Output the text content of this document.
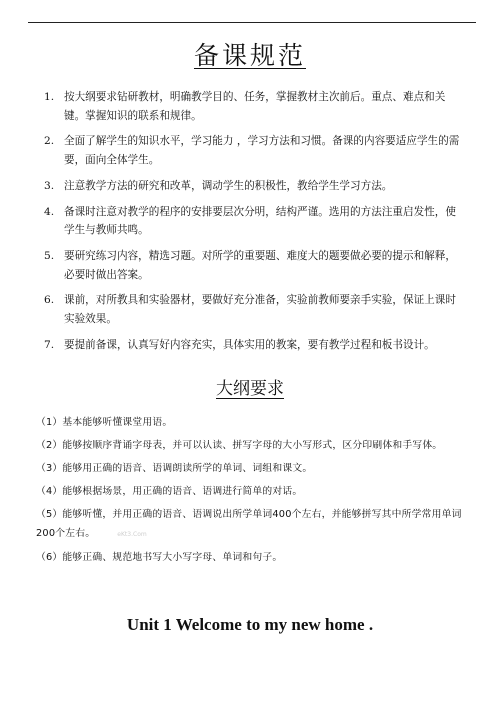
备课规范
1. 按大纲要求钻研教材，明确教学目的、任务，掌握教材主次前后。重点、难点和关键。掌握知识的联系和规律。
2. 全面了解学生的知识水平，学习能力 ，学习方法和习惯。备课的内容要适应学生的需要，面向全体学生。
3. 注意教学方法的研究和改革，调动学生的积极性，教给学生学习方法。
4. 备课时注意对教学的程序的安排要层次分明，结构严谨。选用的方法注重启发性，使学生与教师共鸣。
5. 要研究练习内容，精选习题。对所学的重要题、难度大的题要做必要的提示和解释，必要时做出答案。
6. 课前，对所教具和实验器材，要做好充分准备，实验前教师要亲手实验，保证上课时实验效果。
7. 要提前备课，认真写好内容充实，具体实用的教案，要有教学过程和板书设计。
大纲要求
（1）基本能够听懂课堂用语。
（2）能够按顺序背诵字母表，并可以认读、拼写字母的大小写形式，区分印刷体和手写体。
（3）能够用正确的语音、语调朗读所学的单词、词组和课文。
（4）能够根据场景，用正确的语音、语调进行简单的对话。
（5）能够听懂，并用正确的语音、语调说出所学单词400个左右，并能够拼写其中所学常用单词200个左右。	eKt3.Com
（6）能够正确、规范地书写大小写字母、单词和句子。
Unit 1 Welcome to my new home .
